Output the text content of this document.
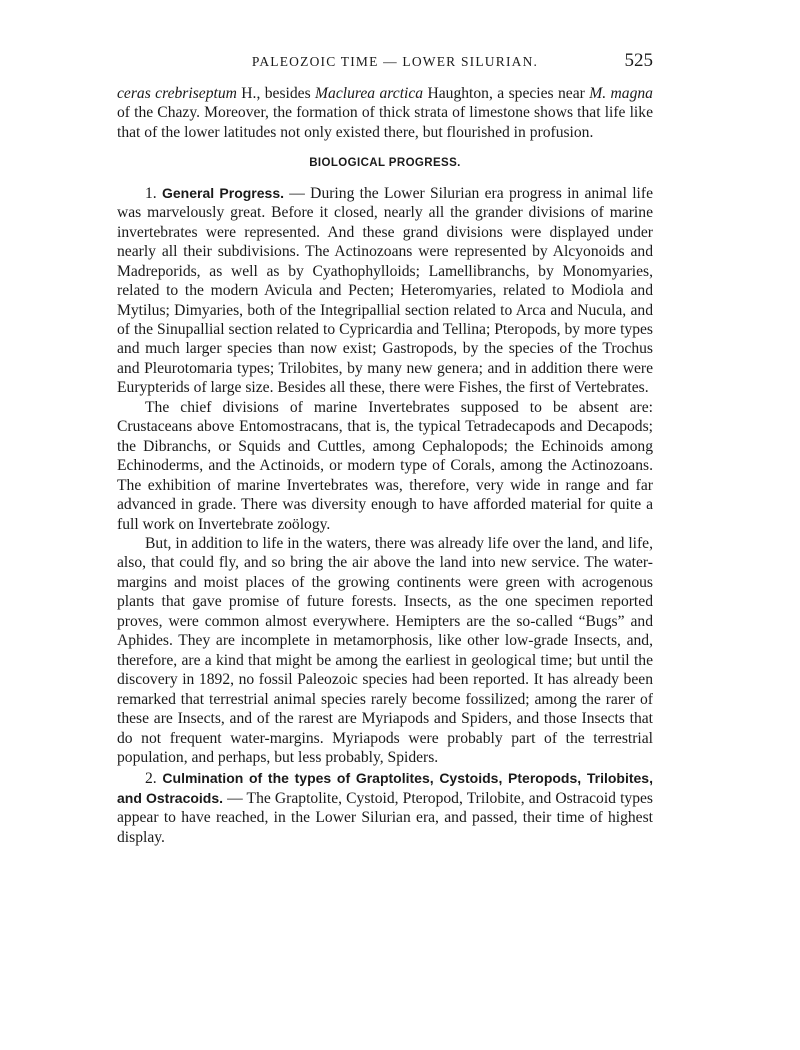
PALEOZOIC TIME — LOWER SILURIAN.	525

ceras crebriseptum H., besides Maclurea arctica Haughton, a species near M. magna of the Chazy. Moreover, the formation of thick strata of limestone shows that life like that of the lower latitudes not only existed there, but flourished in profusion.

BIOLOGICAL PROGRESS.

1. General Progress. — During the Lower Silurian era progress in animal life was marvelously great. Before it closed, nearly all the grander divisions of marine invertebrates were represented. And these grand divisions were displayed under nearly all their subdivisions. The Actinozoans were represented by Alcyonoids and Madreporids, as well as by Cyathophylloids; Lamellibranchs, by Monomyaries, related to the modern Avicula and Pecten; Heteromyaries, related to Modiola and Mytilus; Dimyaries, both of the Integripallial section related to Arca and Nucula, and of the Sinupallial section related to Cypricardia and Tellina; Pteropods, by more types and much larger species than now exist; Gastropods, by the species of the Trochus and Pleurotomaria types; Trilobites, by many new genera; and in addition there were Eurypterids of large size. Besides all these, there were Fishes, the first of Vertebrates.

The chief divisions of marine Invertebrates supposed to be absent are: Crustaceans above Entomostracans, that is, the typical Tetradecapods and Decapods; the Dibranchs, or Squids and Cuttles, among Cephalopods; the Echinoids among Echinoderms, and the Actinoids, or modern type of Corals, among the Actinozoans. The exhibition of marine Invertebrates was, therefore, very wide in range and far advanced in grade. There was diversity enough to have afforded material for quite a full work on Invertebrate zoölogy.

But, in addition to life in the waters, there was already life over the land, and life, also, that could fly, and so bring the air above the land into new service. The water-margins and moist places of the growing continents were green with acrogenous plants that gave promise of future forests. Insects, as the one specimen reported proves, were common almost everywhere. Hemipters are the so-called “Bugs” and Aphides. They are incomplete in metamorphosis, like other low-grade Insects, and, therefore, are a kind that might be among the earliest in geological time; but until the discovery in 1892, no fossil Paleozoic species had been reported. It has already been remarked that terrestrial animal species rarely become fossilized; among the rarer of these are Insects, and of the rarest are Myriapods and Spiders, and those Insects that do not frequent water-margins. Myriapods were probably part of the terrestrial population, and perhaps, but less probably, Spiders.

2. Culmination of the types of Graptolites, Cystoids, Pteropods, Trilobites, and Ostracoids. — The Graptolite, Cystoid, Pteropod, Trilobite, and Ostracoid types appear to have reached, in the Lower Silurian era, and passed, their time of highest display.
